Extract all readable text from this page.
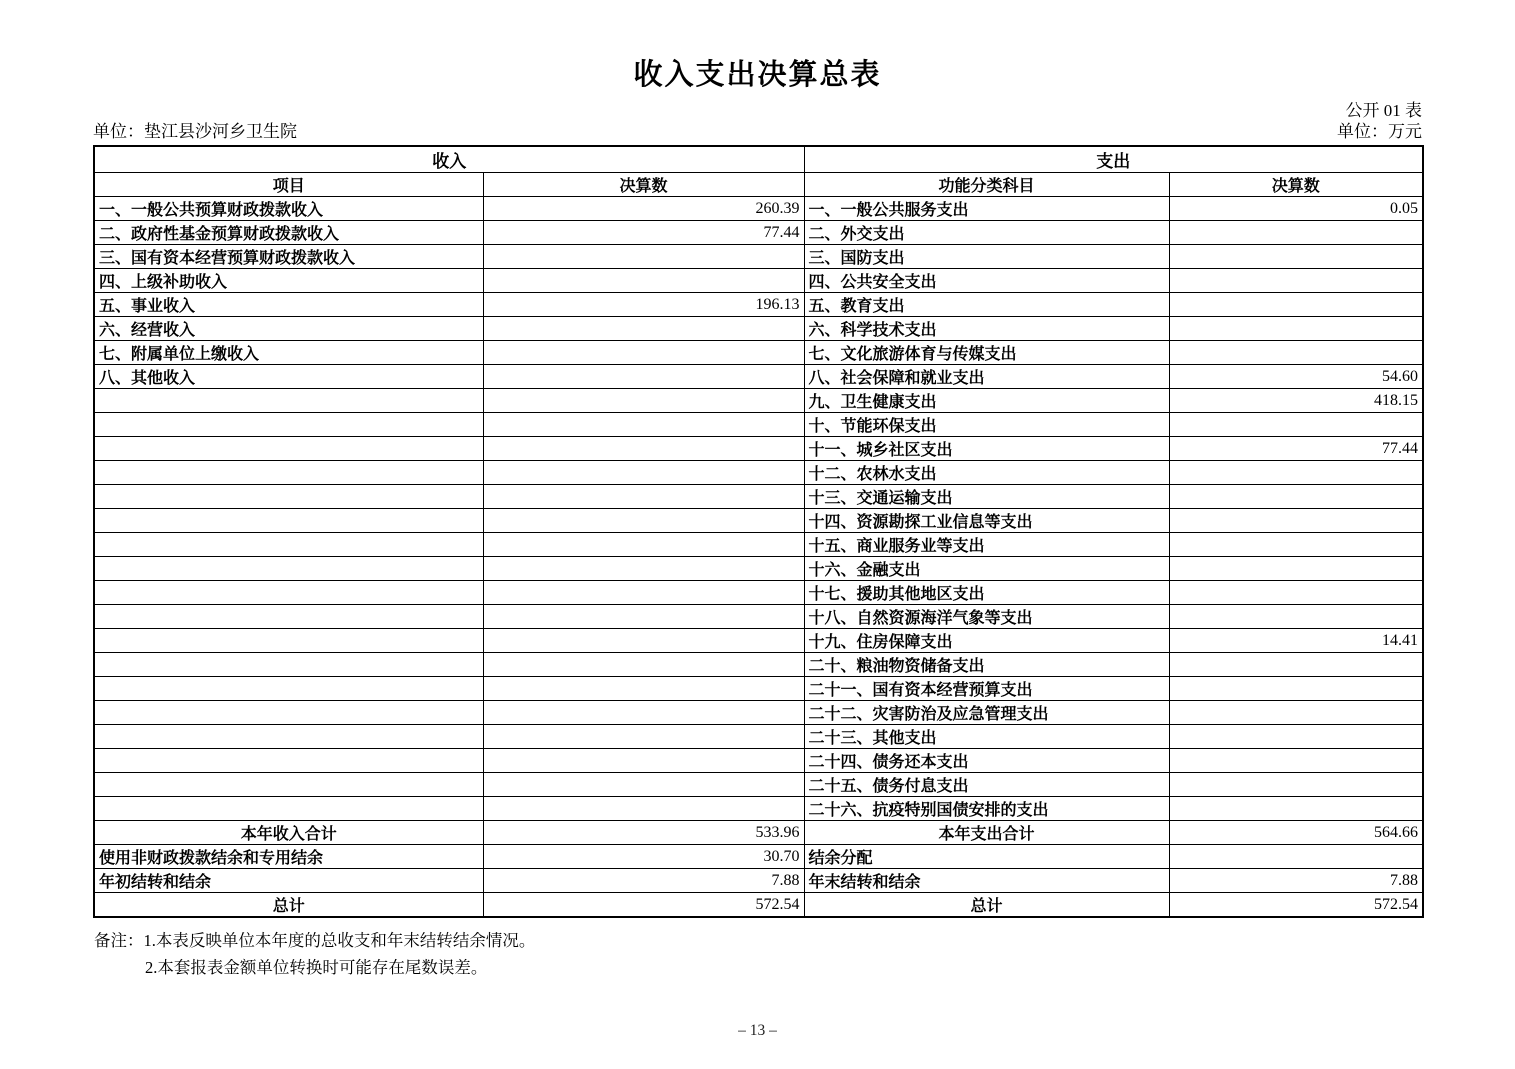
收入支出决算总表
公开 01 表
单位：垫江县沙河乡卫生院	单位：万元
收入		支出	
项目	决算数	功能分类科目	决算数
一、一般公共预算财政拨款收入	260.39	一、一般公共服务支出	0.05
二、政府性基金预算财政拨款收入	77.44	二、外交支出	
三、国有资本经营预算财政拨款收入		三、国防支出	
四、上级补助收入		四、公共安全支出	
五、事业收入	196.13	五、教育支出	
六、经营收入		六、科学技术支出	
七、附属单位上缴收入		七、文化旅游体育与传媒支出	
八、其他收入		八、社会保障和就业支出	54.60
		九、卫生健康支出	418.15
		十、节能环保支出	
		十一、城乡社区支出	77.44
		十二、农林水支出	
		十三、交通运输支出	
		十四、资源勘探工业信息等支出	
		十五、商业服务业等支出	
		十六、金融支出	
		十七、援助其他地区支出	
		十八、自然资源海洋气象等支出	
		十九、住房保障支出	14.41
		二十、粮油物资储备支出	
		二十一、国有资本经营预算支出	
		二十二、灾害防治及应急管理支出	
		二十三、其他支出	
		二十四、债务还本支出	
		二十五、债务付息支出	
		二十六、抗疫特别国债安排的支出	
本年收入合计	533.96	本年支出合计	564.66
使用非财政拨款结余和专用结余	30.70	结余分配	
年初结转和结余	7.88	年末结转和结余	7.88
总计	572.54	总计	572.54
备注：1.本表反映单位本年度的总收支和年末结转结余情况。
2.本套报表金额单位转换时可能存在尾数误差。
– 13 –
